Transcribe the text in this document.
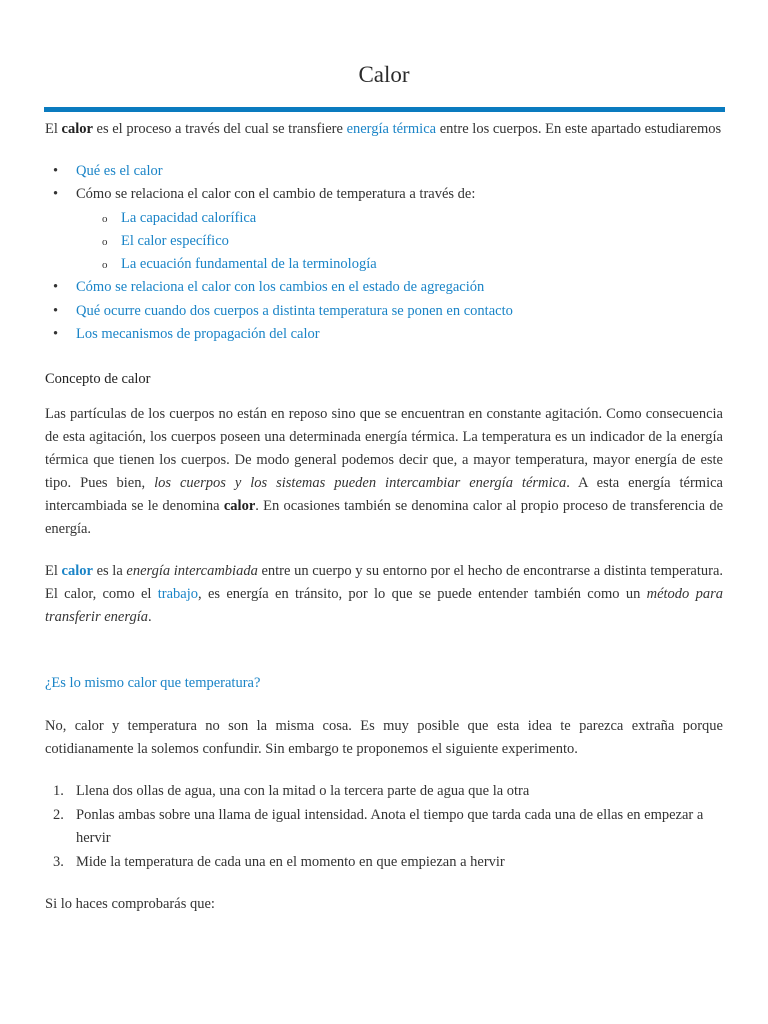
Calor

El calor es el proceso a través del cual se transfiere energía térmica entre los cuerpos. En este apartado estudiaremos

• Qué es el calor
• Cómo se relaciona el calor con el cambio de temperatura a través de:
o La capacidad calorífica
o El calor específico
o La ecuación fundamental de la terminología
• Cómo se relaciona el calor con los cambios en el estado de agregación
• Qué ocurre cuando dos cuerpos a distinta temperatura se ponen en contacto
• Los mecanismos de propagación del calor
Concepto de calor

Las partículas de los cuerpos no están en reposo sino que se encuentran en constante agitación. Como consecuencia de esta agitación, los cuerpos poseen una determinada energía térmica. La temperatura es un indicador de la energía térmica que tienen los cuerpos. De modo general podemos decir que, a mayor temperatura, mayor energía de este tipo. Pues bien, los cuerpos y los sistemas pueden intercambiar energía térmica. A esta energía térmica intercambiada se le denomina calor. En ocasiones también se denomina calor al propio proceso de transferencia de energía.

El calor es la energía intercambiada entre un cuerpo y su entorno por el hecho de encontrarse a distinta temperatura. El calor, como el trabajo, es energía en tránsito, por lo que se puede entender también como un método para transferir energía.

¿Es lo mismo calor que temperatura?

No, calor y temperatura no son la misma cosa. Es muy posible que esta idea te parezca extraña porque cotidianamente la solemos confundir. Sin embargo te proponemos el siguiente experimento.

1. Llena dos ollas de agua, una con la mitad o la tercera parte de agua que la otra
2. Ponlas ambas sobre una llama de igual intensidad. Anota el tiempo que tarda cada una de ellas en empezar a hervir
3. Mide la temperatura de cada una en el momento en que empiezan a hervir

Si lo haces comprobarás que:
